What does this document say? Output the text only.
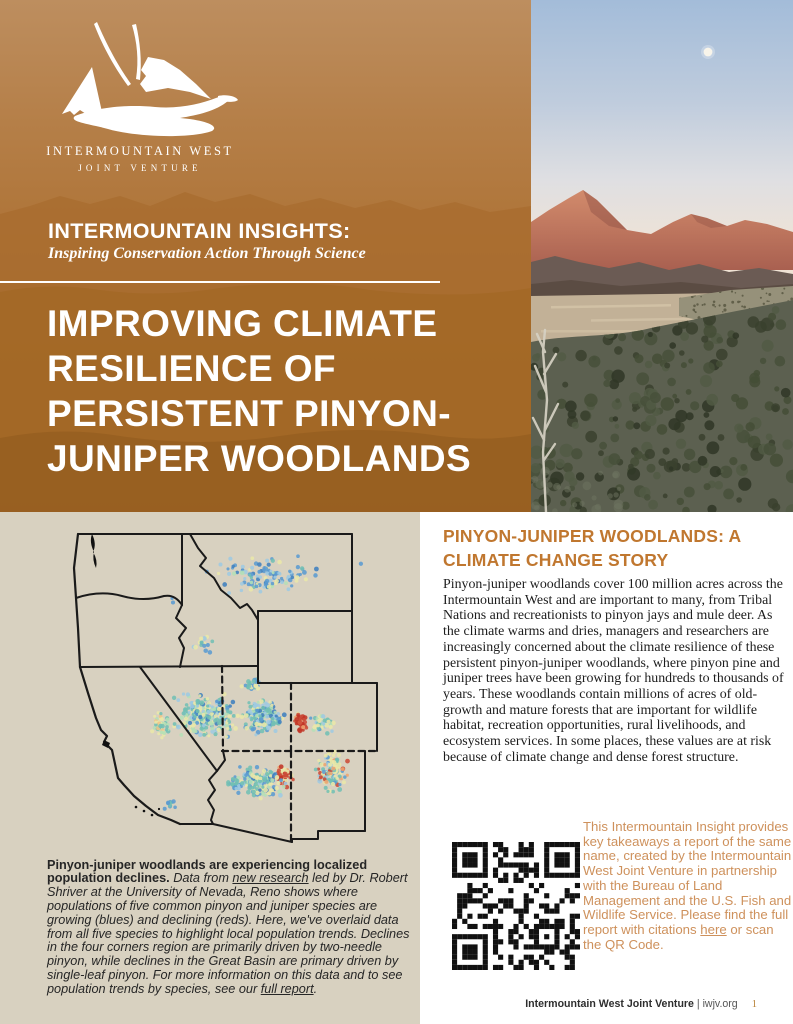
INTERMOUNTAIN WEST
JOINT VENTURE
INTERMOUNTAIN INSIGHTS:
Inspiring Conservation Action Through Science
IMPROVING CLIMATE
RESILIENCE OF
PERSISTENT PINYON-
JUNIPER WOODLANDS

Pinyon-juniper woodlands are experiencing localized population declines. Data from new research led by Dr. Robert Shriver at the University of Nevada, Reno shows where populations of five common pinyon and juniper species are growing (blues) and declining (reds). Here, we've overlaid data from all five species to highlight local population trends. Declines in the four corners region are primarily driven by two-needle pinyon, while declines in the Great Basin are primary driven by single-leaf pinyon. For more information on this data and to see population trends by species, see our full report.

PINYON-JUNIPER WOODLANDS: A CLIMATE CHANGE STORY
Pinyon-juniper woodlands cover 100 million acres across the Intermountain West and are important to many, from Tribal Nations and recreationists to pinyon jays and mule deer. As the climate warms and dries, managers and researchers are increasingly concerned about the climate resilience of these persistent pinyon-juniper woodlands, where pinyon pine and juniper trees have been growing for hundreds to thousands of years. These woodlands contain millions of acres of old-growth and mature forests that are important for wildlife habitat, recreation opportunities, rural livelihoods, and ecosystem services. In some places, these values are at risk because of climate change and dense forest structure.
This Intermountain Insight provides key takeaways a report of the same name, created by the Intermountain West Joint Venture in partnership with the Bureau of Land Management and the U.S. Fish and Wildlife Service. Please find the full report with citations here or scan the QR Code.
Intermountain West Joint Venture | iwjv.org 1
